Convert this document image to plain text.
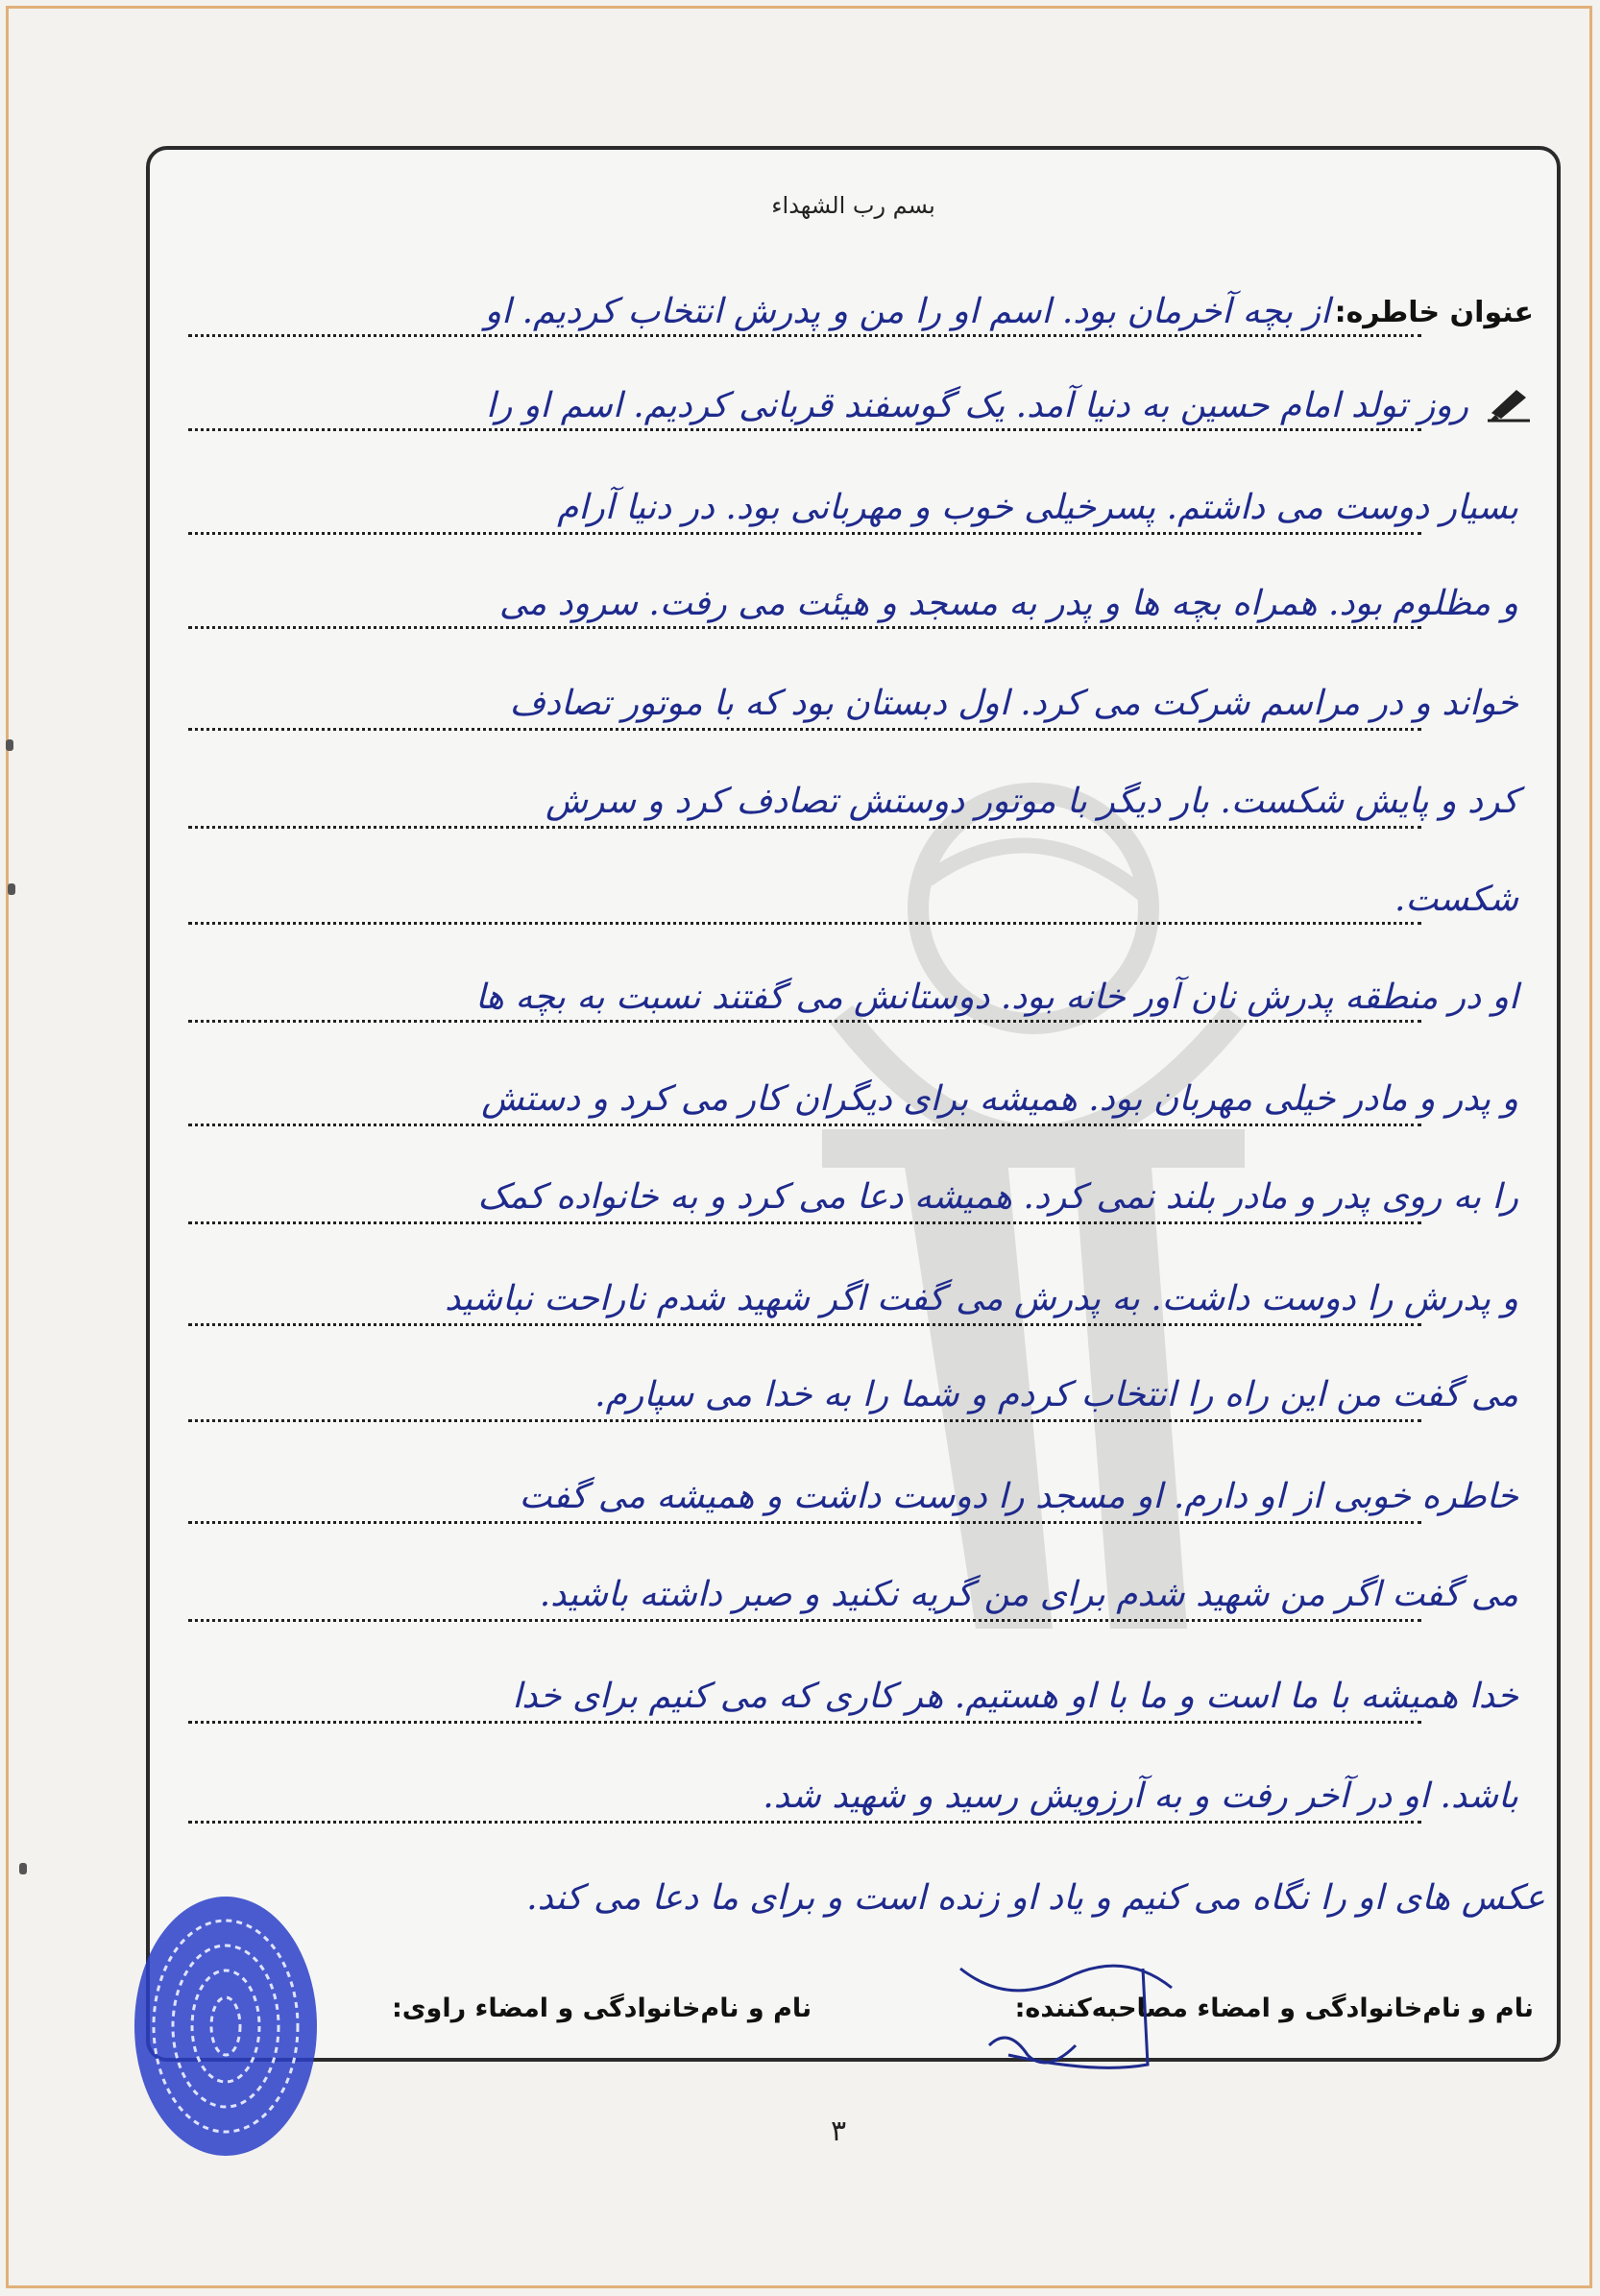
بسم رب الشهداء
عنوان خاطره:
از بچه آخرمان بود. اسم او را من و پدرش انتخاب کردیم. او
روز تولد امام حسین به دنیا آمد. یک گوسفند قربانی کردیم. اسم او را
بسیار دوست می داشتم. پسرخیلی خوب و مهربانی بود. در دنیا آرام
و مظلوم بود. همراه بچه ها و پدر به مسجد و هیئت می رفت. سرود می
خواند و در مراسم شرکت می کرد. اول دبستان بود که با موتور تصادف
کرد و پایش شکست. بار دیگر با موتور دوستش تصادف کرد و سرش
شکست.
او در منطقه پدرش نان آور خانه بود. دوستانش می گفتند نسبت به بچه ها
و پدر و مادر خیلی مهربان بود. همیشه برای دیگران کار می کرد و دستش
را به روی پدر و مادر بلند نمی کرد. همیشه دعا می کرد و به خانواده کمک
و پدرش را دوست داشت. به پدرش می گفت اگر شهید شدم ناراحت نباشید
می گفت من این راه را انتخاب کردم و شما را به خدا می سپارم.
خاطره خوبی از او دارم. او مسجد را دوست داشت و همیشه می گفت
می گفت اگر من شهید شدم برای من گریه نکنید و صبر داشته باشید.
خدا همیشه با ما است و ما با او هستیم. هر کاری که می کنیم برای خدا
باشد. او در آخر رفت و به آرزویش رسید و شهید شد.
عکس های او را نگاه می کنیم و یاد او زنده است و برای ما دعا می کند.
نام و نام‌خانوادگی و امضاء مصاحبه‌کننده:
نام و نام‌خانوادگی و امضاء راوی:
۳
